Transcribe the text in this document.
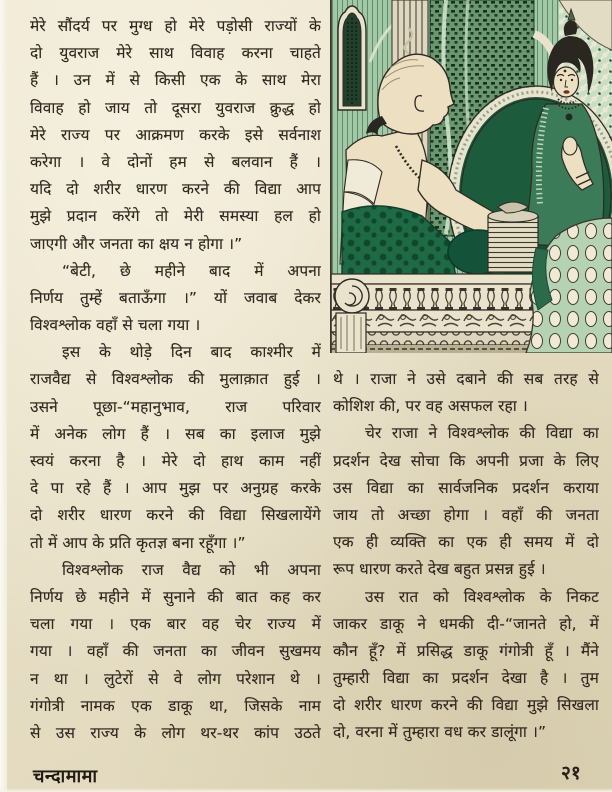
मेरे सौंदर्य पर मुग्ध हो मेरे पड़ोसी राज्यों के
दो युवराज मेरे साथ विवाह करना चाहते
हैं । उन में से किसी एक के साथ मेरा
विवाह हो जाय तो दूसरा युवराज क्रुद्ध हो
मेरे राज्य पर आक्रमण करके इसे सर्वनाश
करेगा । वे दोनों हम से बलवान हैं ।
यदि दो शरीर धारण करने की विद्या आप
मुझे प्रदान करेंगे तो मेरी समस्या हल हो
जाएगी और जनता का क्षय न होगा ।”
“बेटी, छे महीने बाद में अपना
निर्णय तुम्हें बताऊँगा ।” यों जवाब देकर
विश्वश्लोक वहाँ से चला गया ।
इस के थोड़े दिन बाद काश्मीर में
राजवैद्य से विश्वश्लोक की मुलाक़ात हुई ।
उसने पूछा-“महानुभाव, राज परिवार
में अनेक लोग हैं । सब का इलाज मुझे
स्वयं करना है । मेरे दो हाथ काम नहीं
दे पा रहे हैं । आप मुझ पर अनुग्रह करके
दो शरीर धारण करने की विद्या सिखलायेंगे
तो में आप के प्रति कृतज्ञ बना रहूँगा ।”
विश्वश्लोक राज वैद्य को भी अपना
निर्णय छे महीने में सुनाने की बात कह कर
चला गया । एक बार वह चेर राज्य में
गया । वहाँ की जनता का जीवन सुखमय
न था । लुटेरों से वे लोग परेशान थे ।
गंगोत्री नामक एक डाकू था, जिसके नाम
से उस राज्य के लोग थर-थर कांप उठते
थे । राजा ने उसे दबाने की सब तरह से
कोशिश की, पर वह असफल रहा ।
चेर राजा ने विश्वश्लोक की विद्या का
प्रदर्शन देख सोचा कि अपनी प्रजा के लिए
उस विद्या का सार्वजनिक प्रदर्शन कराया
जाय तो अच्छा होगा । वहाँ की जनता
एक ही व्यक्ति का एक ही समय में दो
रूप धारण करते देख बहुत प्रसन्न हुई ।
उस रात को विश्वश्लोक के निकट
जाकर डाकू ने धमकी दी-“जानते हो, में
कौन हूँ? में प्रसिद्ध डाकू गंगोत्री हूँ । मैंने
तुम्हारी विद्या का प्रदर्शन देखा है । तुम
दो शरीर धारण करने की विद्या मुझे सिखला
दो, वरना में तुम्हारा वध कर डालूंगा ।”
चन्दामामा	२१
